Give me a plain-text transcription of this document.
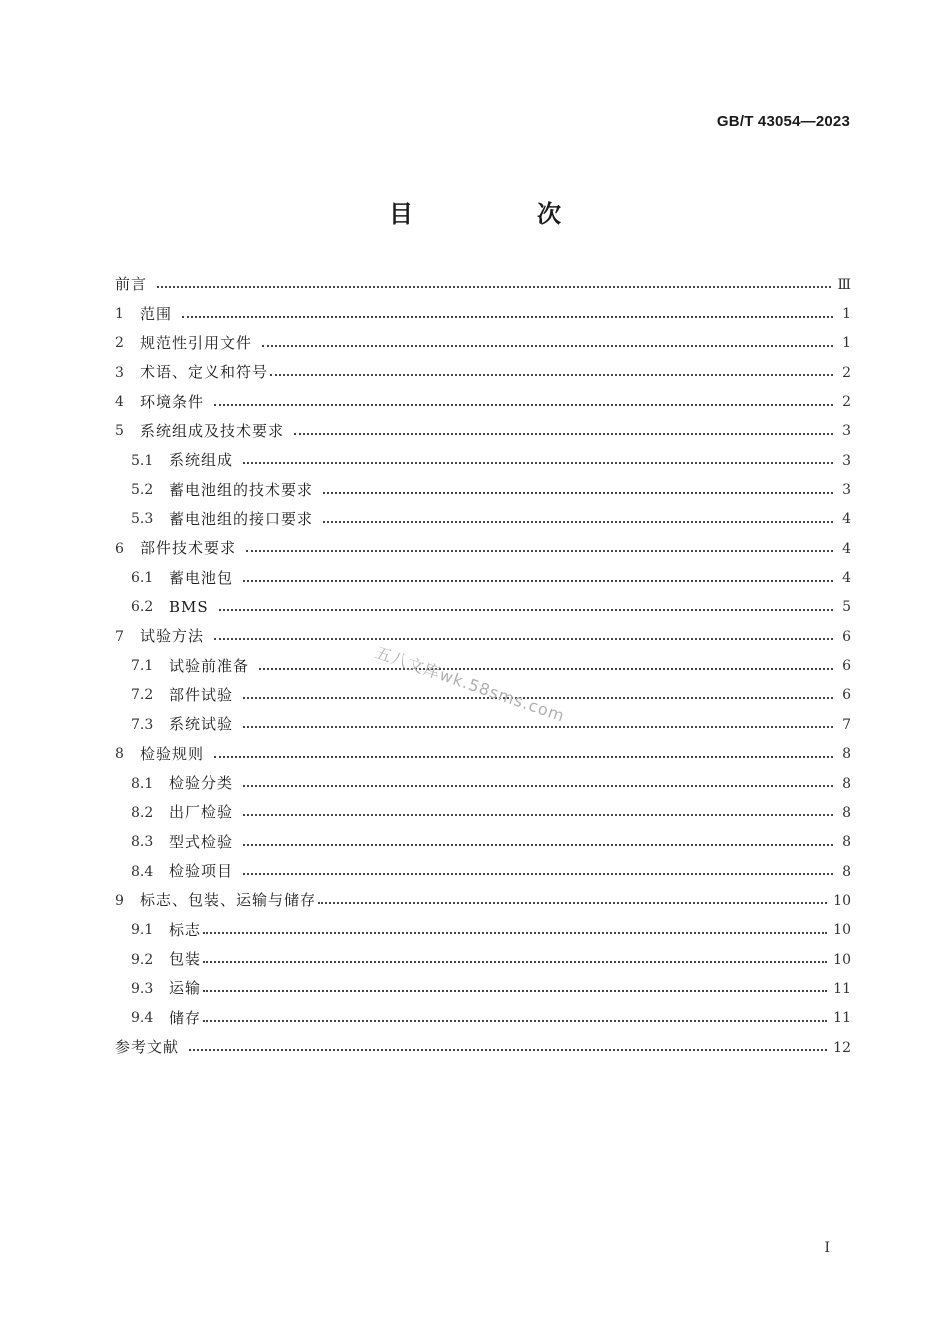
GB/T 43054—2023
目　次
前言	Ⅲ
1	范围	1
2	规范性引用文件	1
3	术语、定义和符号	2
4	环境条件	2
5	系统组成及技术要求	3
5.1	系统组成	3
5.2	蓄电池组的技术要求	3
5.3	蓄电池组的接口要求	4
6	部件技术要求	4
6.1	蓄电池包	4
6.2	BMS	5
7	试验方法	6
7.1	试验前准备	6
7.2	部件试验	6
7.3	系统试验	7
8	检验规则	8
8.1	检验分类	8
8.2	出厂检验	8
8.3	型式检验	8
8.4	检验项目	8
9	标志、包装、运输与储存	10
9.1	标志	10
9.2	包装	10
9.3	运输	11
9.4	储存	11
参考文献	12
五八文库wk.58sms.com
I
